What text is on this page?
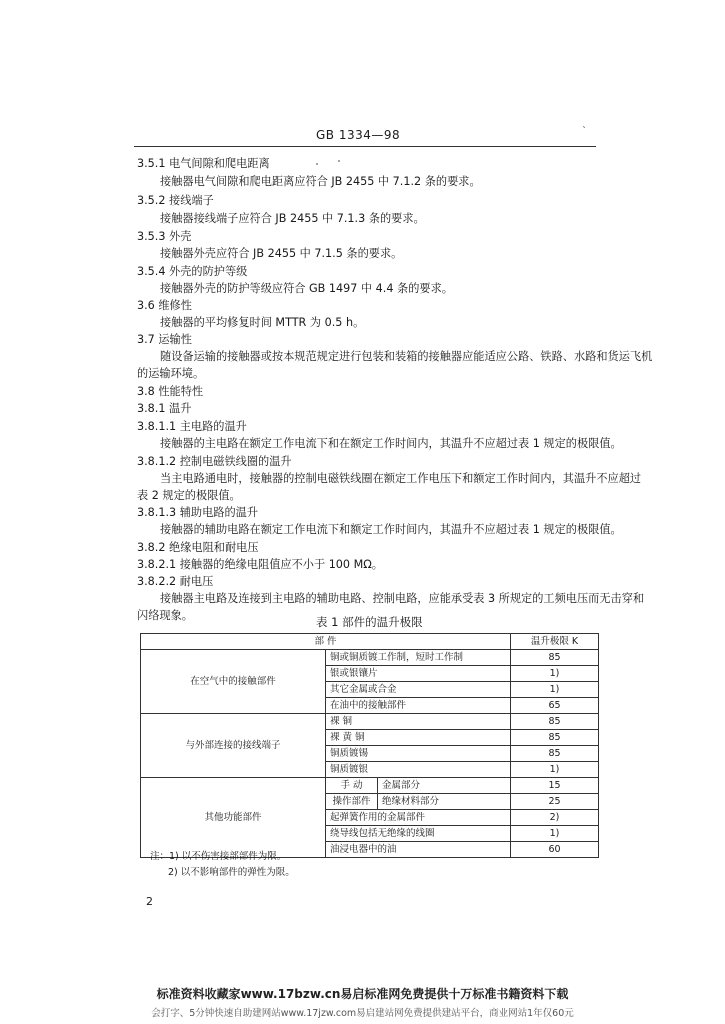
GB 1334—98	`
3.5.1 电气间隙和爬电距离
接触器电气间隙和爬电距离应符合 JB 2455 中 7.1.2 条的要求。
3.5.2 接线端子
接触器接线端子应符合 JB 2455 中 7.1.3 条的要求。
3.5.3 外壳
接触器外壳应符合 JB 2455 中 7.1.5 条的要求。
3.5.4 外壳的防护等级
接触器外壳的防护等级应符合 GB 1497 中 4.4 条的要求。
3.6 维修性
接触器的平均修复时间 MTTR 为 0.5 h。
3.7 运输性
随设备运输的接触器或按本规范规定进行包装和装箱的接触器应能适应公路、铁路、水路和货运飞机
的运输环境。
3.8 性能特性
3.8.1 温升
3.8.1.1 主电路的温升
接触器的主电路在额定工作电流下和在额定工作时间内，其温升不应超过表 1 规定的极限值。
3.8.1.2 控制电磁铁线圈的温升
当主电路通电时，接触器的控制电磁铁线圈在额定工作电压下和额定工作时间内，其温升不应超过
表 2 规定的极限值。
3.8.1.3 辅助电路的温升
接触器的辅助电路在额定工作电流下和额定工作时间内，其温升不应超过表 1 规定的极限值。
3.8.2 绝缘电阻和耐电压
3.8.2.1 接触器的绝缘电阻值应不小于 100 MΩ。
3.8.2.2 耐电压
接触器主电路及连接到主电路的辅助电路、控制电路，应能承受表 3 所规定的工频电压而无击穿和
闪络现象。	表 1 部件的温升极限
部 件			温升极限 K
在空气中的接触部件	铜或铜质镀工作制，短时工作制		85
	银或银镶片		1)
	其它金属或合金		1)
	在油中的接触部件		65
与外部连接的接线端子	裸 铜		85
	裸 黄 铜		85
	铜质镀锡		85
	铜质镀银		1)
其他功能部件	手 动	金属部分	15
	操作部件	绝缘材料部分	25
	起弹簧作用的金属部件		2)
	绕导线包括无绝缘的线圈		1)
	油浸电器中的油		60
注：1) 以不伤害接部部件为限。
2) 以不影响部件的弹性为限。
2
标准资料收藏家www.17bzw.cn易启标准网免费提供十万标准书籍资料下载
会打字、5分钟快速自助建网站www.17jzw.com易启建站网免费提供建站平台，商业网站1年仅60元
